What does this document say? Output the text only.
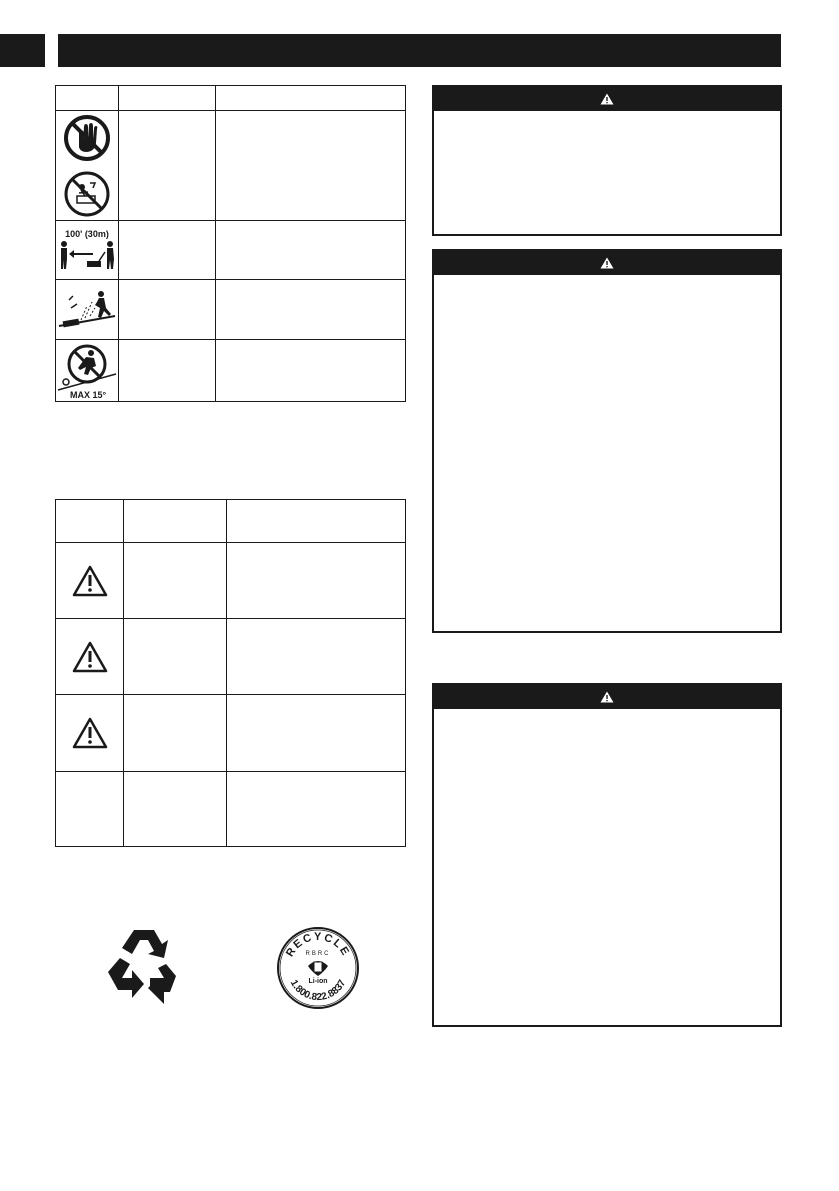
100' (30m)		

MAX 15°		

RECYCLE
RBRC
Li-ion
1.800.822.8837
